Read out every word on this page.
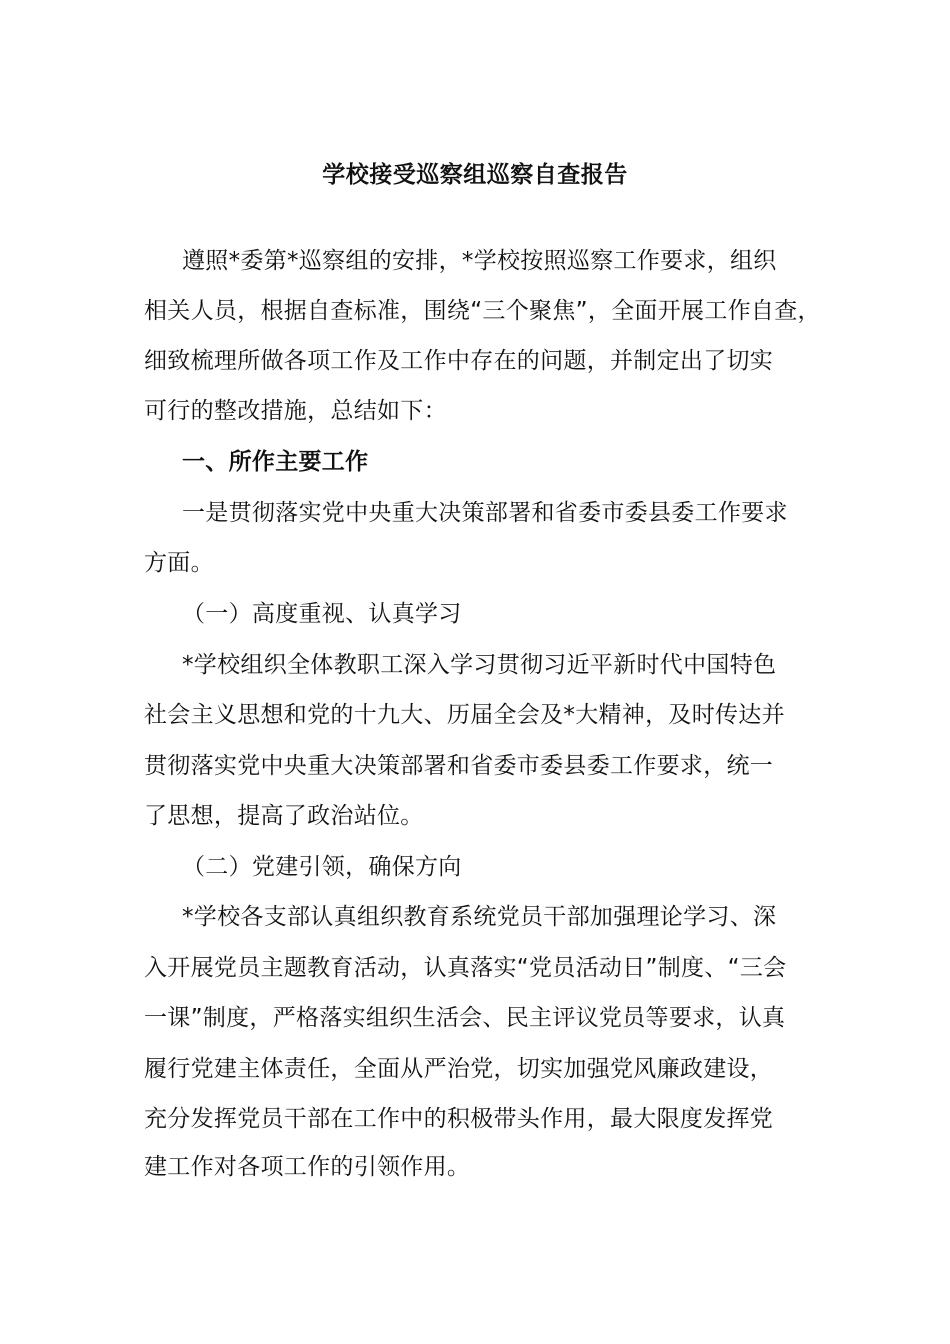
学校接受巡察组巡察自查报告
遵照*委第*巡察组的安排，*学校按照巡察工作要求，组织
相关人员，根据自查标准，围绕“三个聚焦”，全面开展工作自查，
细致梳理所做各项工作及工作中存在的问题，并制定出了切实
可行的整改措施，总结如下：
一、所作主要工作
一是贯彻落实党中央重大决策部署和省委市委县委工作要求
方面。
（一）高度重视、认真学习
*学校组织全体教职工深入学习贯彻习近平新时代中国特色
社会主义思想和党的十九大、历届全会及*大精神，及时传达并
贯彻落实党中央重大决策部署和省委市委县委工作要求，统一
了思想，提高了政治站位。
（二）党建引领，确保方向
*学校各支部认真组织教育系统党员干部加强理论学习、深
入开展党员主题教育活动，认真落实“党员活动日”制度、“三会
一课”制度，严格落实组织生活会、民主评议党员等要求，认真
履行党建主体责任，全面从严治党，切实加强党风廉政建设，
充分发挥党员干部在工作中的积极带头作用，最大限度发挥党
建工作对各项工作的引领作用。
